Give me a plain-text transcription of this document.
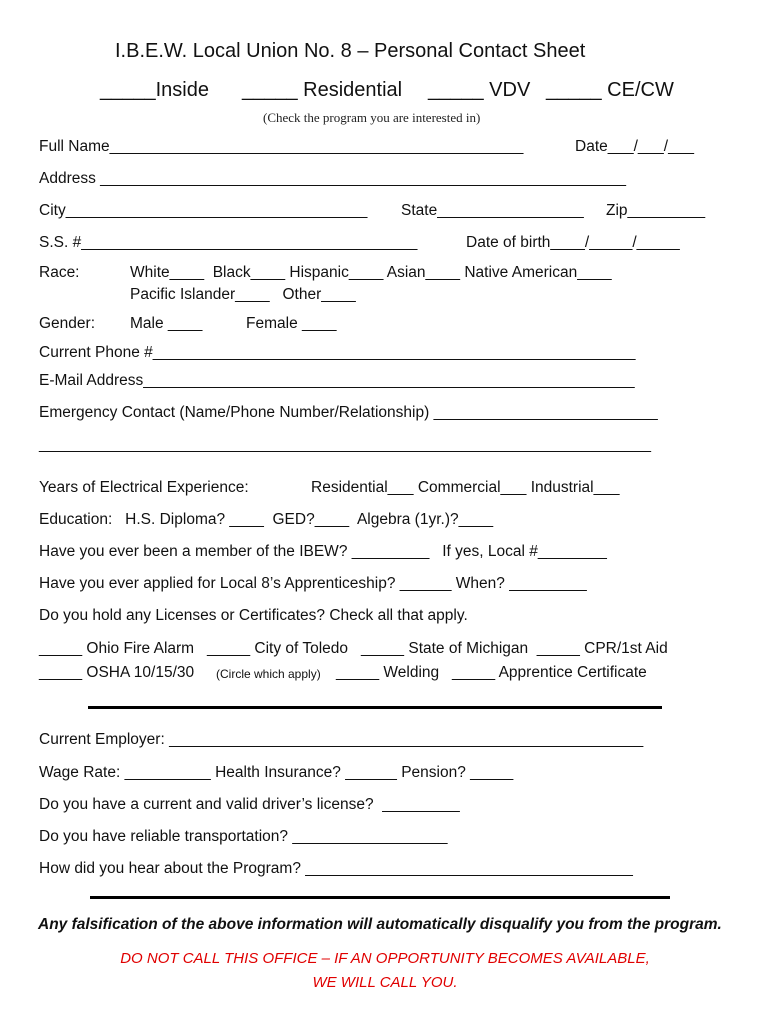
I.B.E.W. Local Union No. 8 – Personal Contact Sheet
_____Inside _____ Residential _____ VDV _____ CE/CW
(Check the program you are interested in)
Full Name________________________________________________	Date___/___/___
Address _____________________________________________________________
City___________________________________ State_________________ Zip_________
S.S. #_______________________________________	Date of birth____/_____/_____
Race:	White____  Black____ Hispanic____ Asian____ Native American____
Pacific Islander____   Other____
Gender: Male ____	Female ____
Current Phone #________________________________________________________
E-Mail Address_________________________________________________________
Emergency Contact (Name/Phone Number/Relationship) __________________________
_______________________________________________________________________
Years of Electrical Experience:	Residential___ Commercial___ Industrial___
Education:   H.S. Diploma? ____  GED?____  Algebra (1yr.)?____
Have you ever been a member of the IBEW? _________   If yes, Local #________
Have you ever applied for Local 8’s Apprenticeship? ______ When? _________
Do you hold any Licenses or Certificates? Check all that apply.
_____ Ohio Fire Alarm   _____ City of Toledo   _____ State of Michigan  _____ CPR/1st Aid
_____ OSHA 10/15/30 (Circle which apply) _____ Welding   _____ Apprentice Certificate
Current Employer: _______________________________________________________
Wage Rate: __________ Health Insurance? ______ Pension? _____
Do you have a current and valid driver’s license?  _________
Do you have reliable transportation? __________________
How did you hear about the Program? ______________________________________
Any falsification of the above information will automatically disqualify you from the program.
DO NOT CALL THIS OFFICE – IF AN OPPORTUNITY BECOMES AVAILABLE,
WE WILL CALL YOU.
